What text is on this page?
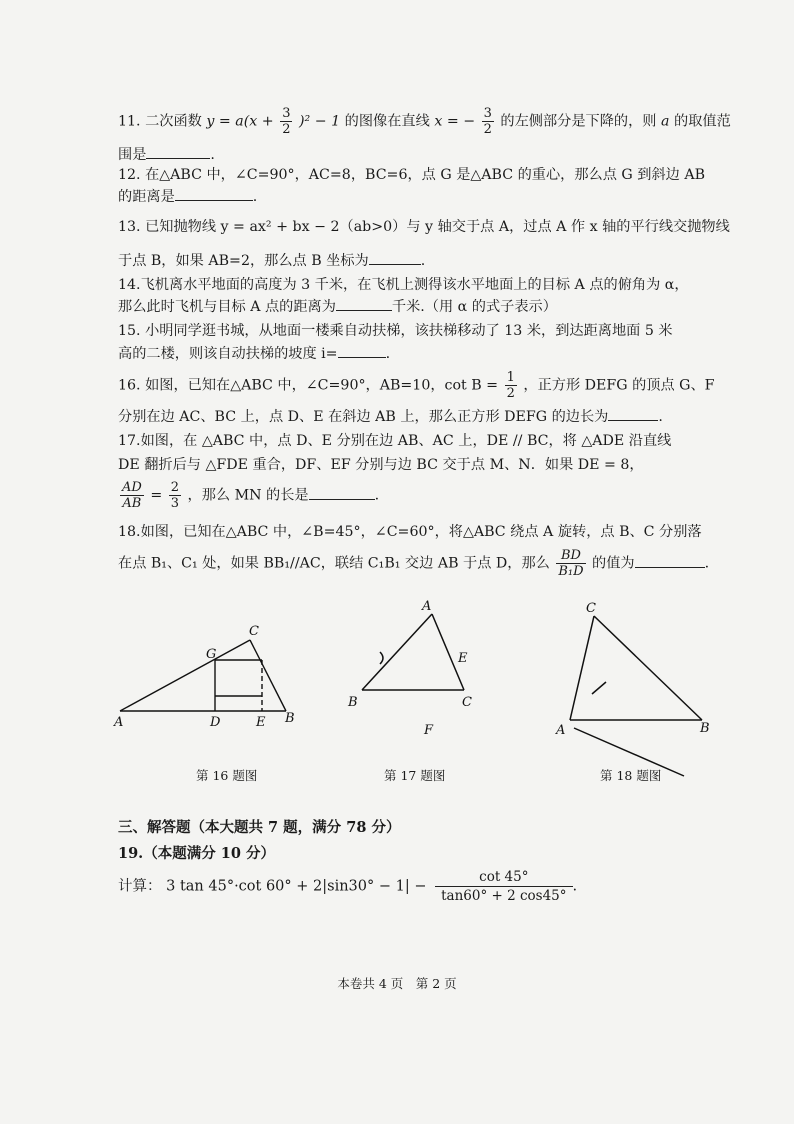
11. 二次函数 $y = a(x + \frac{3}{2} )^2 - 1$ 的图像在直线 x = − $\frac{3}{2}$ 的左侧部分是下降的，则 a 的取值范
围是	.
12. 在△ABC 中，∠C=90°，AC=8，BC=6，点 G 是△ABC 的重心，那么点 G 到斜边 AB
的距离是	.
13. 已知抛物线 y = ax² + bx − 2（ab>0）与 y 轴交于点 A，过点 A 作 x 轴的平行线交抛物线
于点 B，如果 AB=2，那么点 B 坐标为	.
14.飞机离水平地面的高度为 3 千米，在飞机上测得该水平地面上的目标 A 点的俯角为 α，
那么此时飞机与目标 A 点的距离为	千米.（用 α 的式子表示）
15. 小明同学逛书城，从地面一楼乘自动扶梯，该扶梯移动了 13 米，到达距离地面 5 米
高的二楼，则该自动扶梯的坡度 i=	.
16. 如图，已知在△ABC 中，∠C=90°，AB=10，$\cot B = \frac{1}{2}$ ，正方形 DEFG 的顶点 G、F
分别在边 AC、BC 上，点 D、E 在斜边 AB 上，那么正方形 DEFG 的边长为	.
17.如图，在 △ABC 中，点 D、E 分别在边 AB、AC 上，DE // BC，将 △ADE 沿直线
DE 翻折后与 △FDE 重合，DF、EF 分别与边 BC 交于点 M、N．如果 DE = 8，
$\frac{AD}{AB} = \frac{2}{3}$ ，那么 MN 的长是	.
18.如图，已知在△ABC 中，∠B=45°，∠C=60°，将△ABC 绕点 A 旋转，点 B、C 分别落
在点 B₁、C₁ 处，如果 BB₁//AC，联结 C₁B₁ 交边 AB 于点 D，那么 $\frac{BD}{\text{B₁D}}$ 的值为	.
A	D	E B
G
C
A
E
B	C
F
C
A	B
第 16 题图	第 17 题图	第 18 题图
三、解答题（本大题共 7 题，满分 78 分）
19.（本题满分 10 分）
计算： 3 tan 45°·cot $60^\circ + 2|\sin 30^\circ - 1| - \frac{\cot 45^\circ}{\tan 60^\circ + 2 \cos 45^\circ}$ .
本卷共 4 页　第 2 页
